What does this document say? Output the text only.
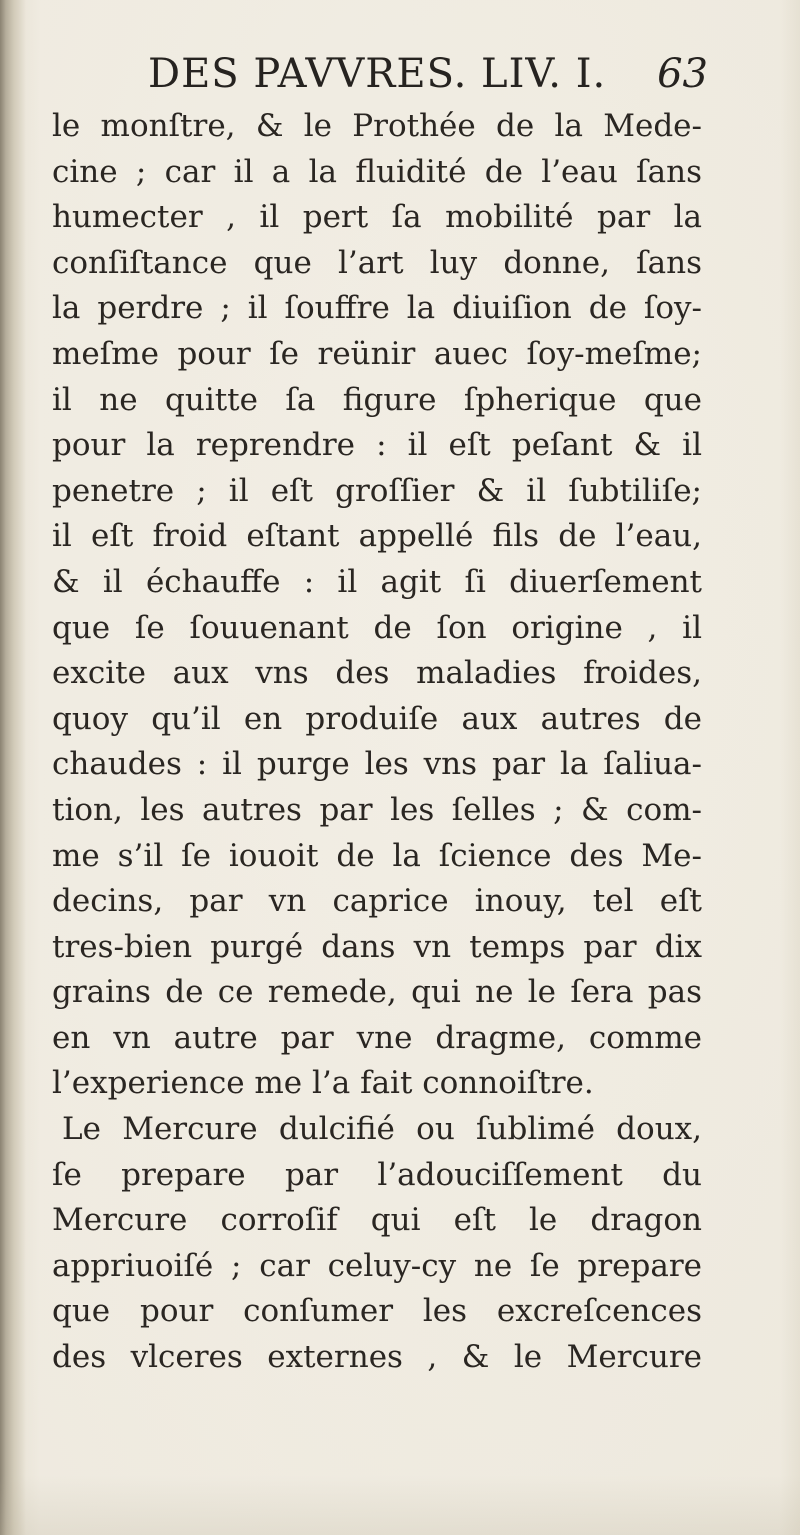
DES PAVVRES. LIV. I. 63
le monſtre, & le Prothée de la Mede-
cine ; car il a la fluidité de l’eau ſans
humecter , il pert ſa mobilité par la
conſiſtance que l’art luy donne, ſans
la perdre ; il ſouffre la diuiſion de ſoy-
meſme pour ſe reünir auec ſoy-meſme;
il ne quitte ſa figure ſpherique que
pour la reprendre : il eſt peſant & il
penetre ; il eſt groſſier & il ſubtiliſe;
il eſt froid eſtant appellé fils de l’eau,
& il échauffe : il agit ſi diuerſement
que ſe ſouuenant de ſon origine , il
excite aux vns des maladies froides,
quoy qu’il en produiſe aux autres de
chaudes : il purge les vns par la ſaliua-
tion, les autres par les ſelles ; & com-
me s’il ſe iouoit de la ſcience des Me-
decins, par vn caprice inouy, tel eſt
tres-bien purgé dans vn temps par dix
grains de ce remede, qui ne le ſera pas
en vn autre par vne dragme, comme
l’experience me l’a fait connoiſtre.
Le Mercure dulcifié ou ſublimé doux,
ſe prepare par l’adouciſſement du
Mercure corroſif qui eſt le dragon
appriuoiſé ; car celuy-cy ne ſe prepare
que pour conſumer les excreſcences
des vlceres externes , & le Mercure
